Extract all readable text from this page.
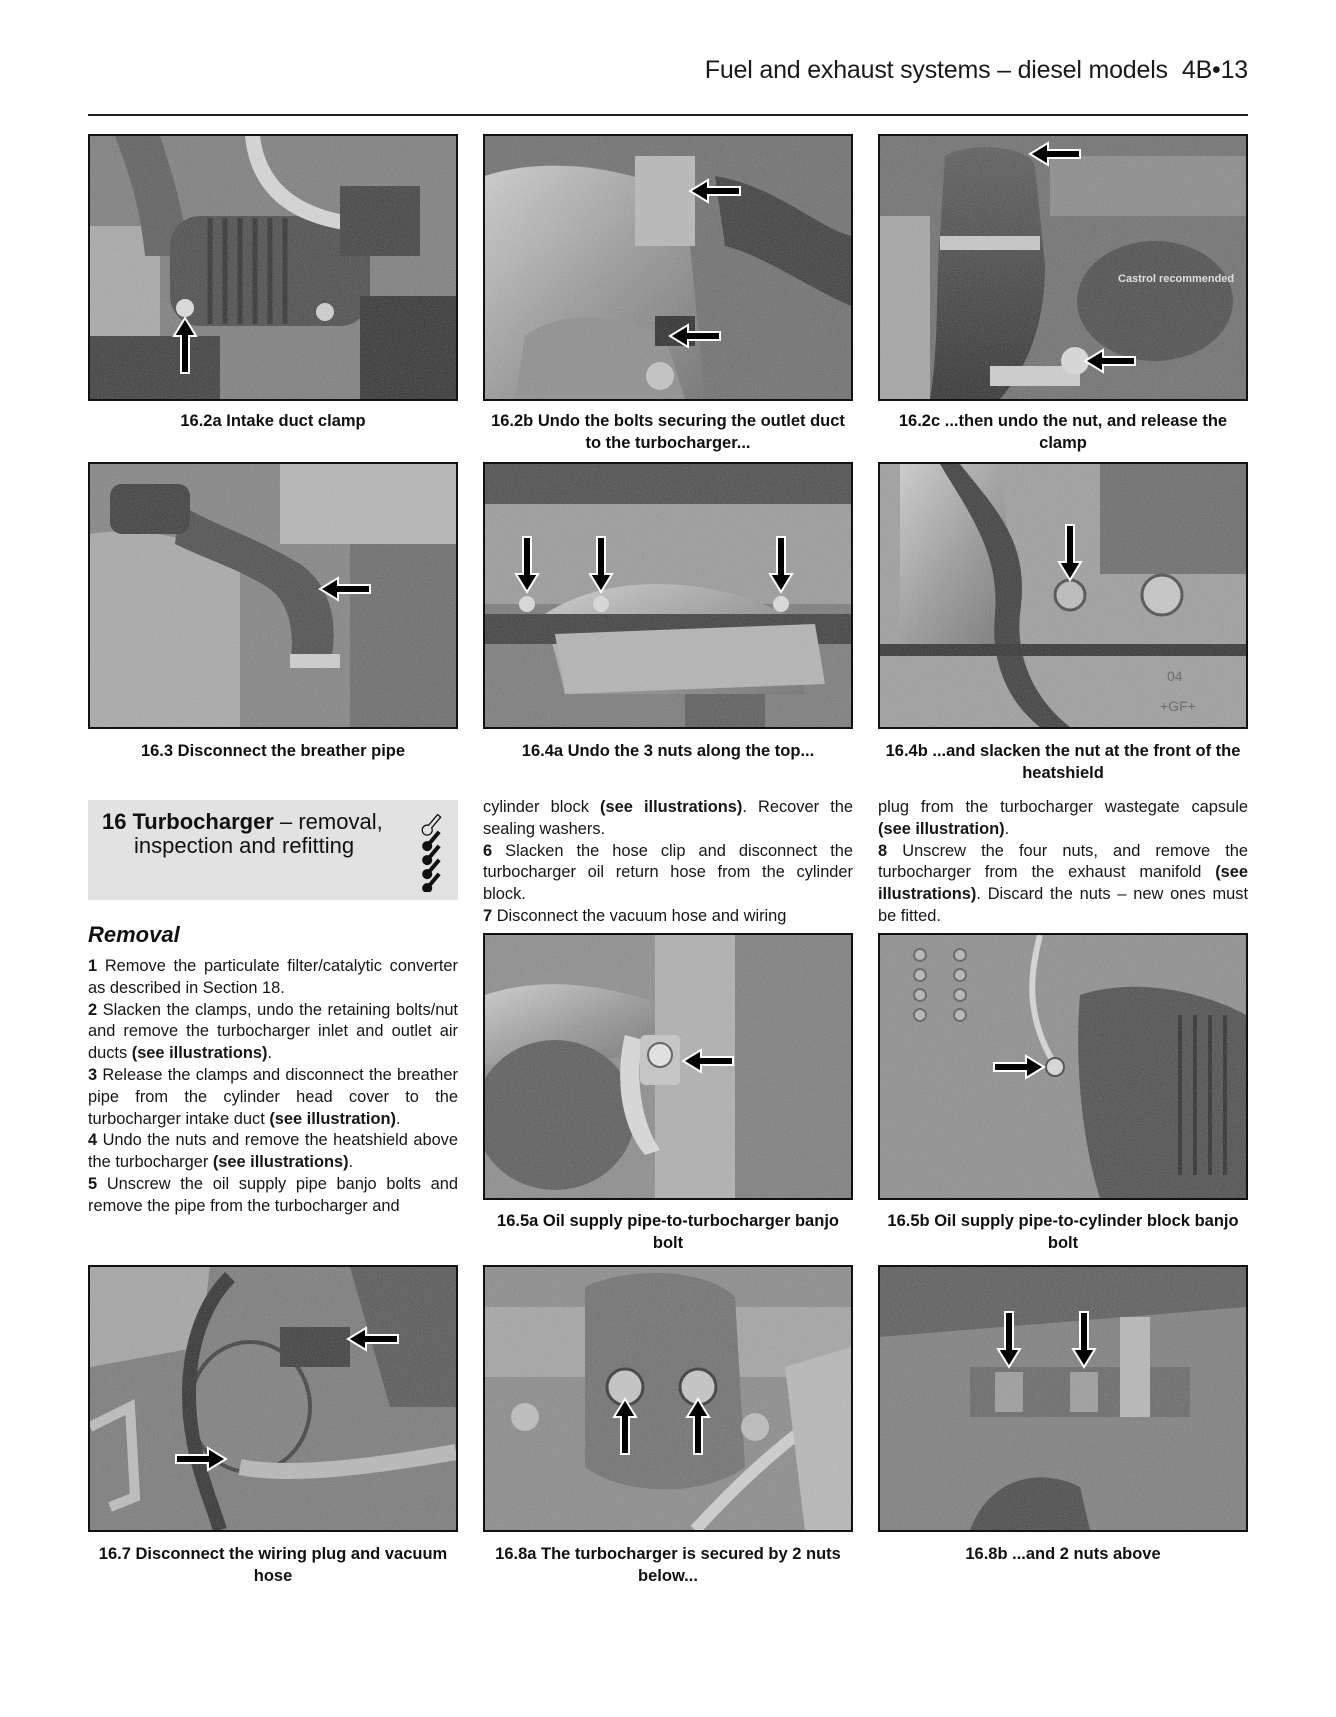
Fuel and exhaust systems – diesel models 4B•13
16.2a Intake duct clamp	16.2b Undo the bolts securing the outlet duct to the turbocharger...
16.2c ...then undo the nut, and release the clamp
16.3 Disconnect the breather pipe	16.4a Undo the 3 nuts along the top...	16.4b ...and slacken the nut at the front of the heatshield
16 Turbocharger – removal,
inspection and refitting
Removal

1 Remove the particulate filter/catalytic converter as described in Section 18.

2 Slacken the clamps, undo the retaining bolts/nut and remove the turbocharger inlet and outlet air ducts (see illustrations).

3 Release the clamps and disconnect the breather pipe from the cylinder head cover to the turbocharger intake duct (see illustration).

4 Undo the nuts and remove the heatshield above the turbocharger (see illustrations).

5 Unscrew the oil supply pipe banjo bolts and remove the pipe from the turbocharger and

cylinder block (see illustrations). Recover the sealing washers.

6 Slacken the hose clip and disconnect the turbocharger oil return hose from the cylinder block.

7 Disconnect the vacuum hose and wiring

plug from the turbocharger wastegate capsule (see illustration).

8 Unscrew the four nuts, and remove the turbocharger from the exhaust manifold (see illustrations). Discard the nuts – new ones must be fitted.

16.5a Oil supply pipe-to-turbocharger banjo bolt
16.5b Oil supply pipe-to-cylinder block banjo bolt
16.7 Disconnect the wiring plug and vacuum hose
16.8a The turbocharger is secured by 2 nuts below...
16.8b ...and 2 nuts above
